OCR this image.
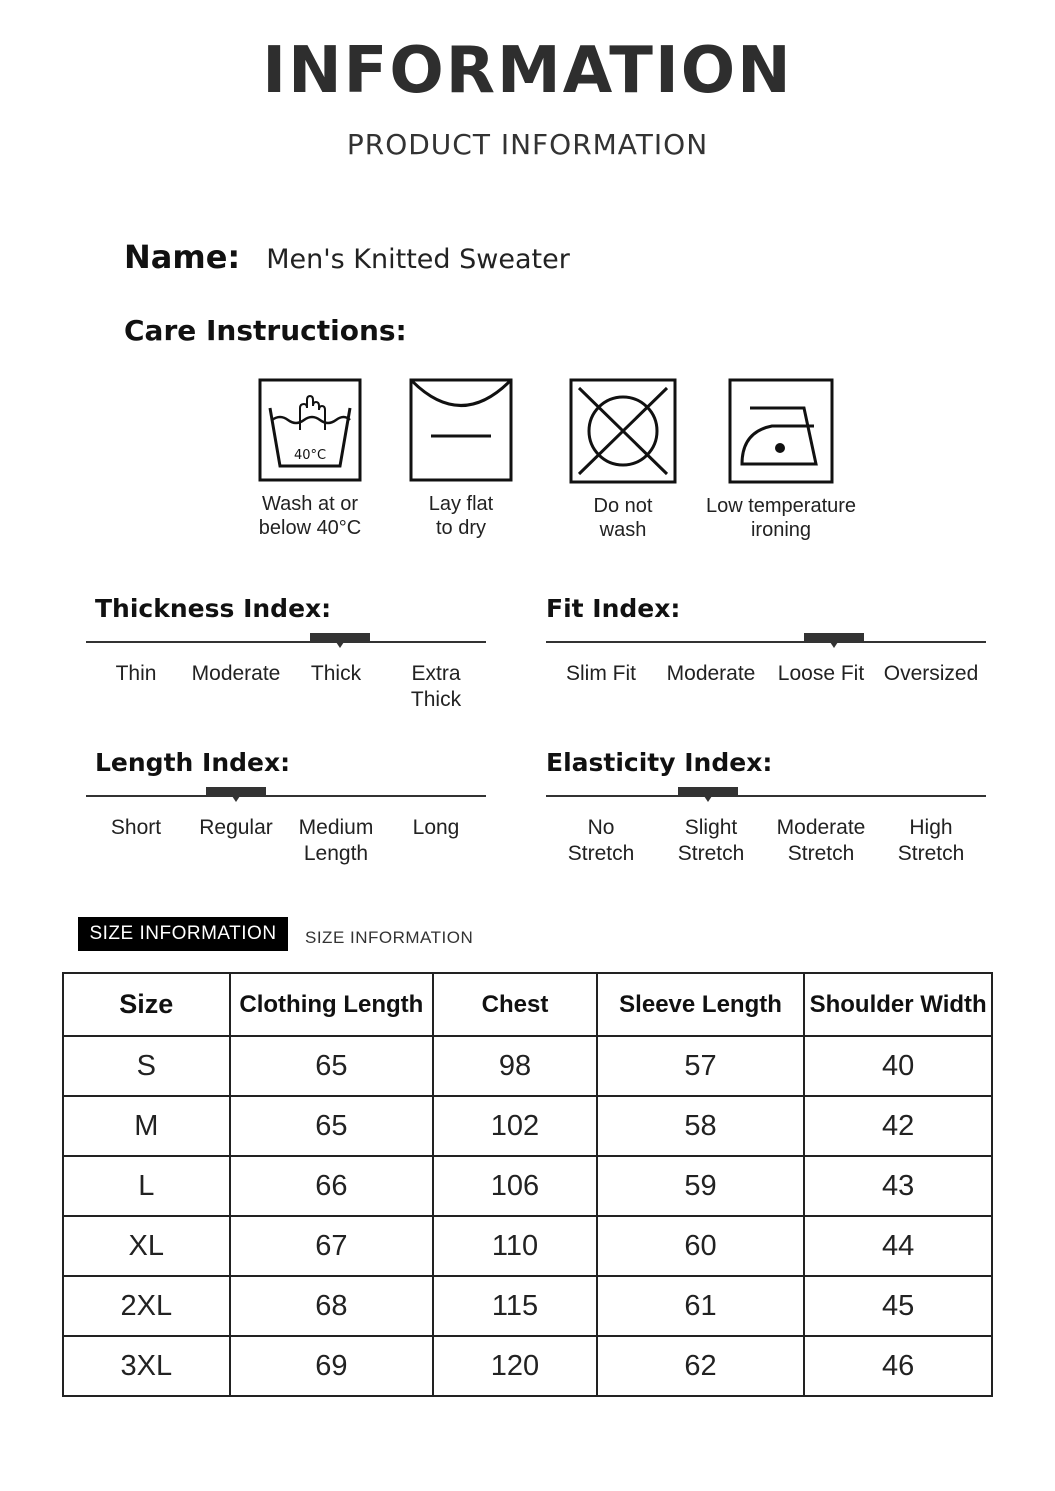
INFORMATION
PRODUCT INFORMATION
Name: Men's Knitted Sweater
Care Instructions:
40°C
Wash at or
below 40°C
Lay flat
to dry
Do not
wash
Low temperature
ironing
Thickness Index:
Thin	Moderate	Thick	Extra Thick
Fit Index:
Slim Fit	Moderate	Loose Fit Oversized
Length Index:
Short	Regular	Medium
Length
Long
Elasticity Index:
No
Stretch
Slight
Stretch
Moderate
Stretch
High
Stretch
SIZE INFORMATION	SIZE INFORMATION
Size	Clothing Length	Chest	Sleeve Length	Shoulder Width
S	65	98	57	40
M	65	102	58	42
L	66	106	59	43
XL	67	110	60	44
2XL	68	115	61	45
3XL	69	120	62	46
